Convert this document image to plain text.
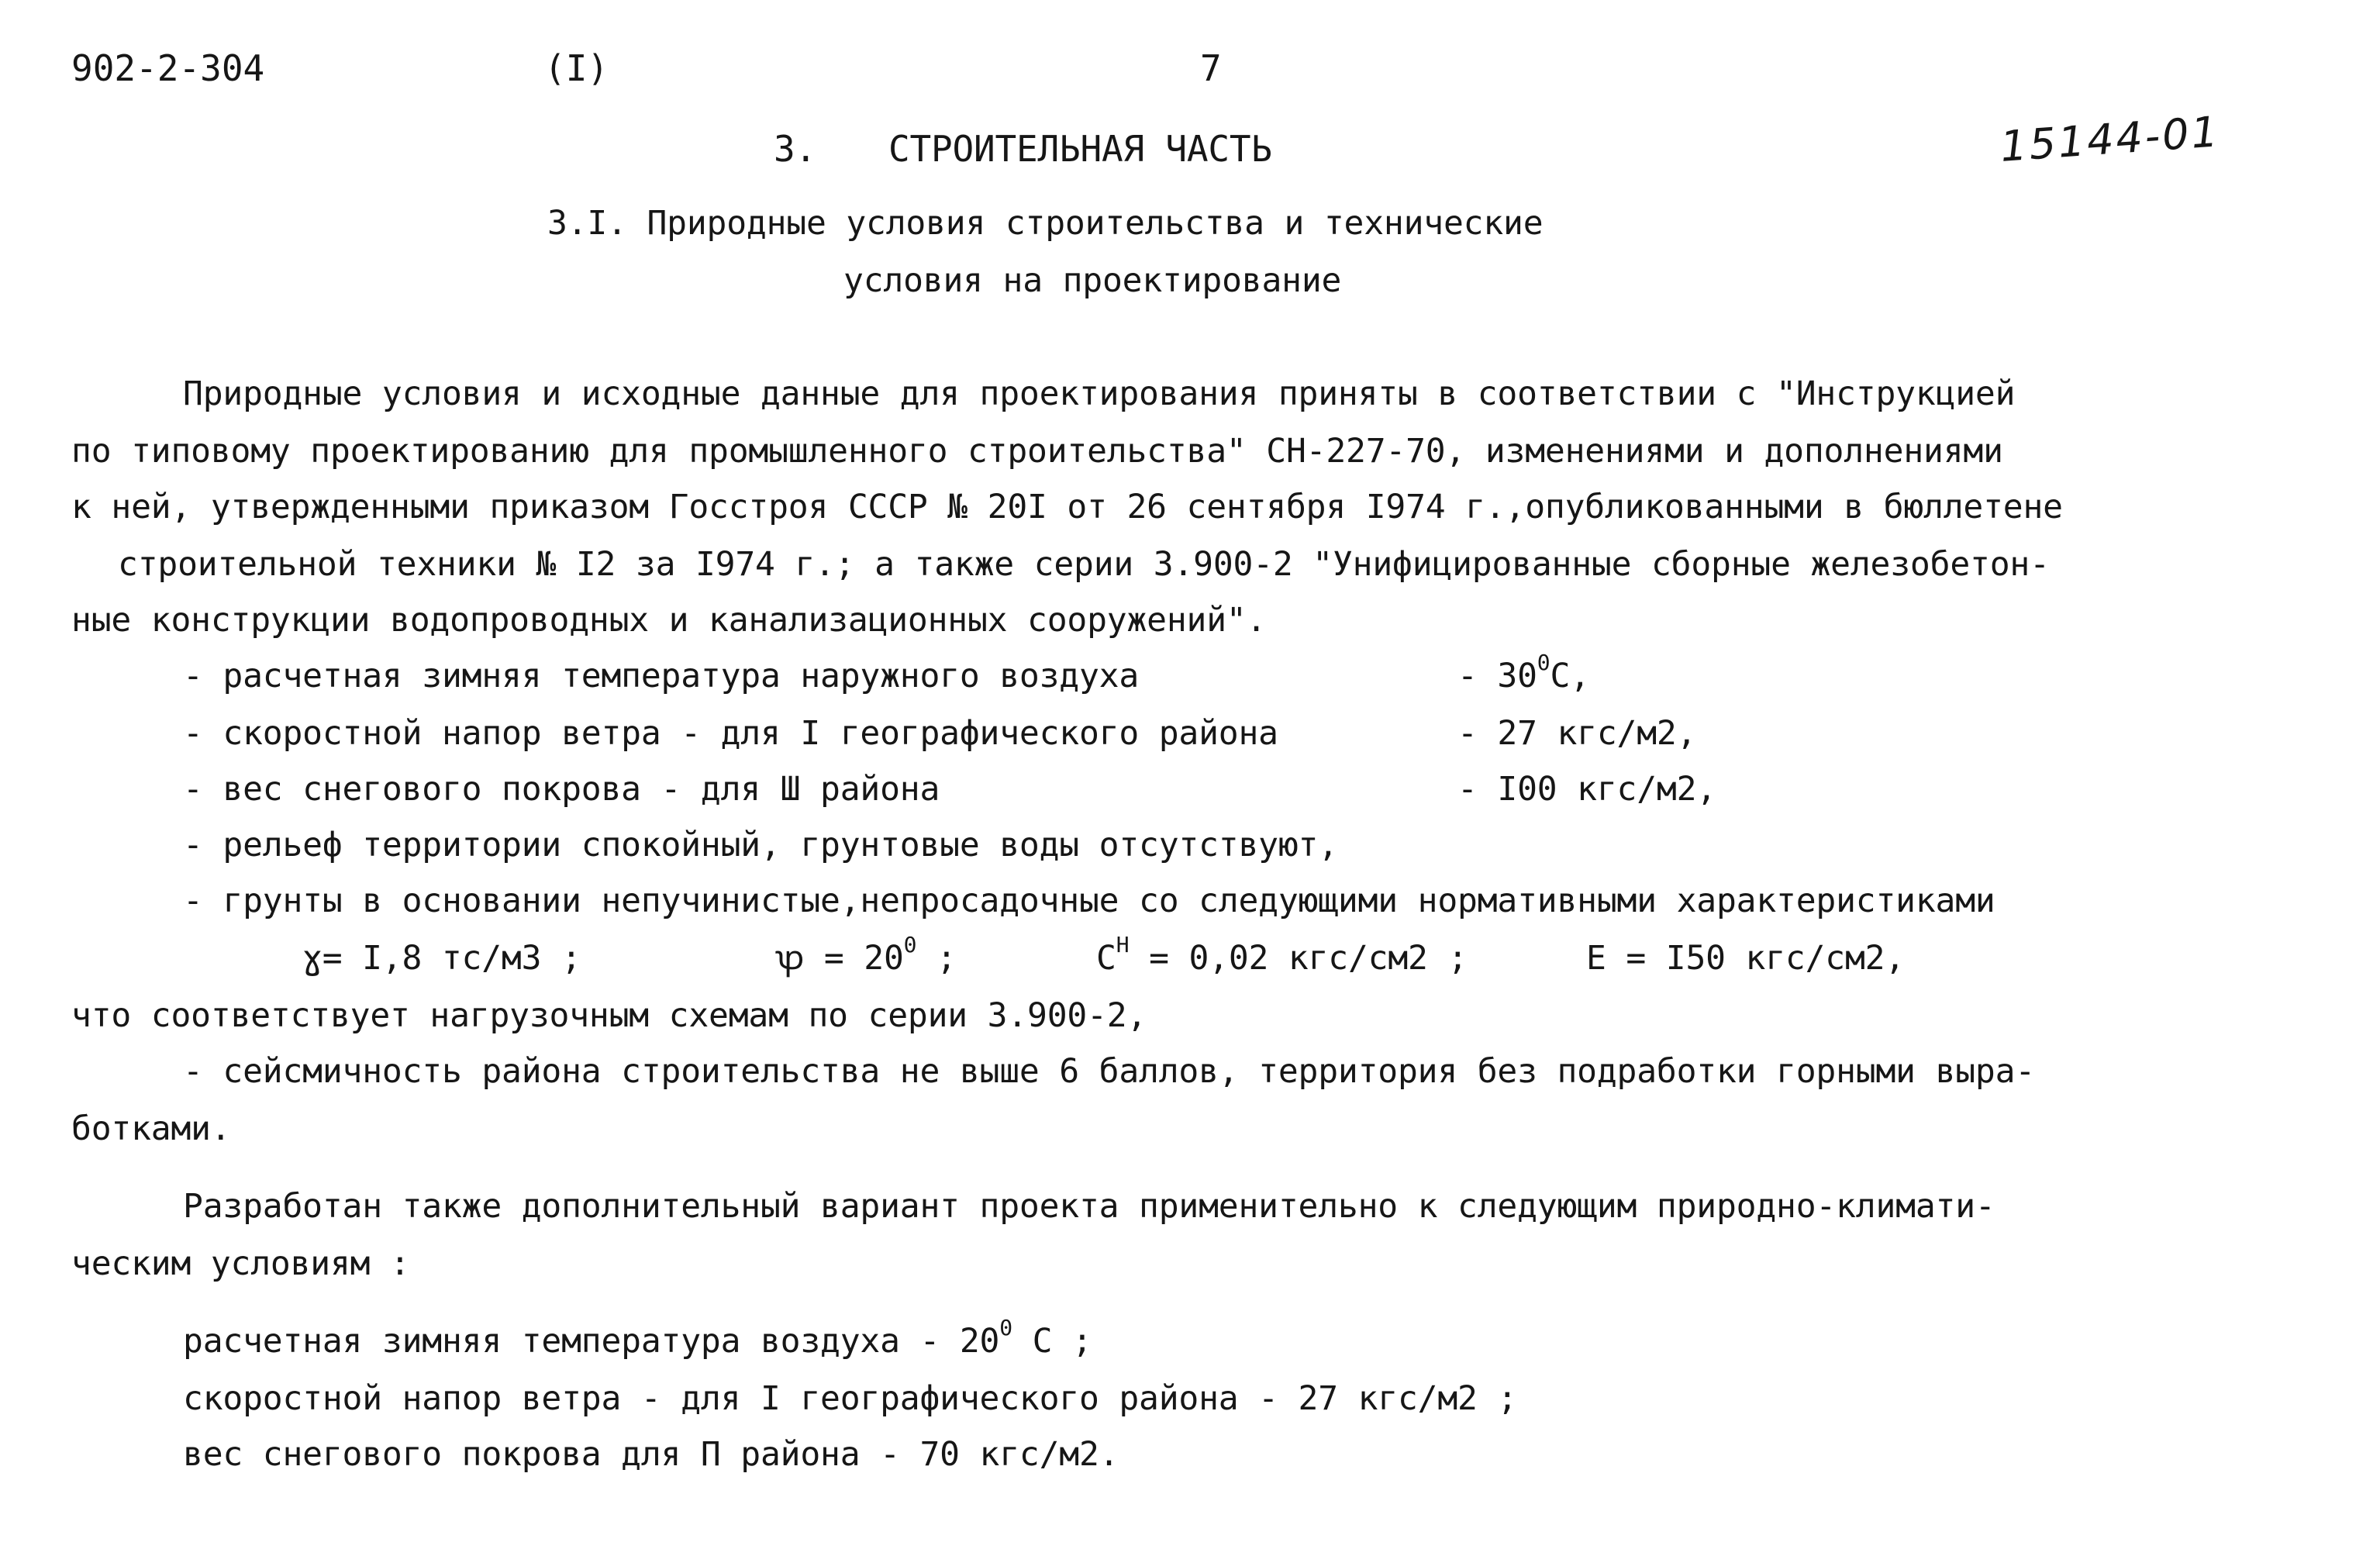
902-2-304	(I)	7
15144-01
3. СТРОИТЕЛЬНАЯ ЧАСТЬ
3.I. Природные условия строительства и технические
условия на проектирование
Природные условия и исходные данные для проектирования приняты в соответствии с "Инструкцией
по типовому проектированию для промышленного строительства" СН-227-70, изменениями и дополнениями
к ней, утвержденными приказом Госстроя СССР № 20I от 26 сентября I974 г.,опубликованными в бюллетене
строительной техники № I2 за I974 г.; а также серии 3.900-2 "Унифицированные сборные железобетон-
ные конструкции водопроводных и канализационных сооружений".
- расчетная зимняя температура наружного воздуха	- $30^0С$,
- скоростной напор ветра - для I географического района	- 27 кгс/м2,
- вес снегового покрова - для Ш района	- I00 кгс/м2,
- рельеф территории спокойный, грунтовые воды отсутствуют,
- грунты в основании непучинистые,непросадочные со следующими нормативными характеристиками
ɣ= I,8 тс/м3 ;	ꝕ = $20^0$ ;	$С^Н = 0,02$ кгс/см2 ;	Е = I50 кгс/см2,
что соответствует нагрузочным схемам по серии 3.900-2,
- сейсмичность района строительства не выше 6 баллов, территория без подработки горными выра-
ботками.
Разработан также дополнительный вариант проекта применительно к следующим природно-климати-
ческим условиям :
расчетная зимняя температура воздуха - $20^0$ С ;
скоростной напор ветра - для I географического района - 27 кгс/м2 ;
вес снегового покрова для П района - 70 кгс/м2.
